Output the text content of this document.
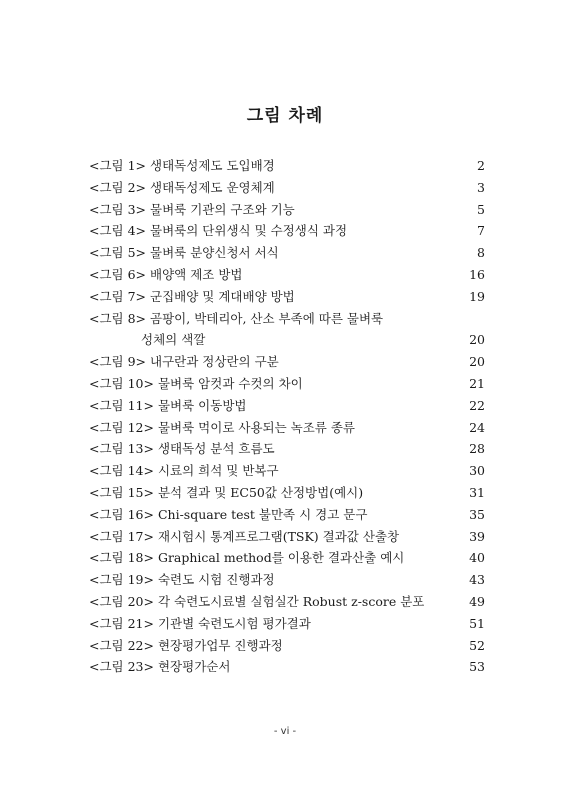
그림 차례
<그림 1> 생태독성제도 도입배경	2
<그림 2> 생태독성제도 운영체계	3
<그림 3> 물벼룩 기관의 구조와 기능	5
<그림 4> 물벼룩의 단위생식 및 수정생식 과정	7
<그림 5> 물벼룩 분양신청서 서식	8
<그림 6> 배양액 제조 방법	16
<그림 7> 군집배양 및 계대배양 방법	19
<그림 8> 곰팡이, 박테리아, 산소 부족에 따른 물벼룩
성체의 색깔	20
<그림 9> 내구란과 정상란의 구분	20
<그림 10> 물벼룩 암컷과 수컷의 차이	21
<그림 11> 물벼룩 이동방법	22
<그림 12> 물벼룩 먹이로 사용되는 녹조류 종류	24
<그림 13> 생태독성 분석 흐름도	28
<그림 14> 시료의 희석 및 반복구	30
<그림 15> 분석 결과 및 EC50값 산정방법(예시)	31
<그림 16> Chi-square test 불만족 시 경고 문구	35
<그림 17> 재시험시 통계프로그램(TSK) 결과값 산출창	39
<그림 18> Graphical method를 이용한 결과산출 예시	40
<그림 19> 숙련도 시험 진행과정	43
<그림 20> 각 숙련도시료별 실험실간 Robust z-score 분포	49
<그림 21> 기관별 숙련도시험 평가결과	51
<그림 22> 현장평가업무 진행과정	52
<그림 23> 현장평가순서	53
- vi -
